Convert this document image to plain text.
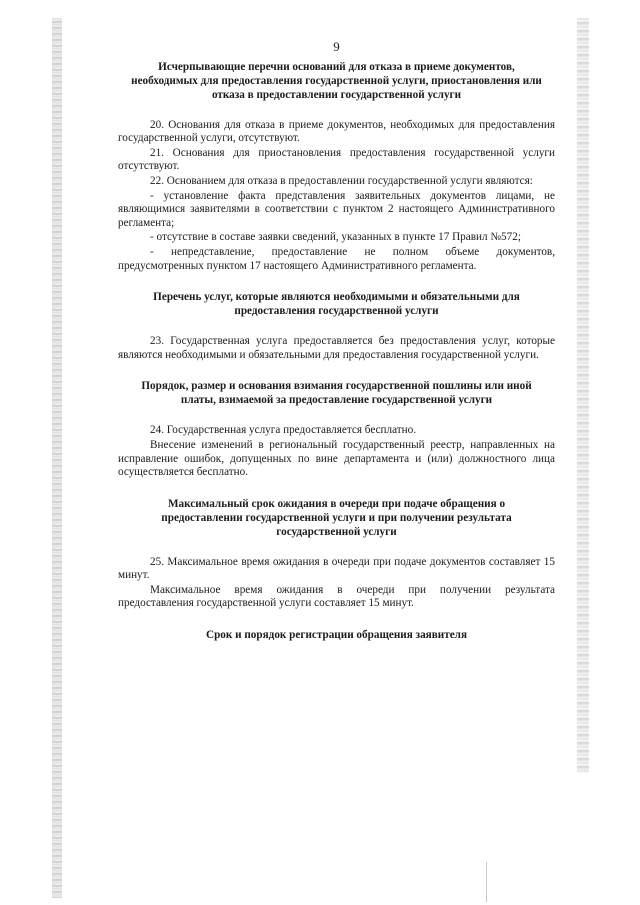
9
Исчерпывающие перечни оснований для отказа в приеме документов, необходимых для предоставления государственной услуги, приостановления или отказа в предоставлении государственной услуги

20. Основания для отказа в приеме документов, необходимых для предоставления государственной услуги, отсутствуют.

21. Основания для приостановления предоставления государственной услуги отсутствуют.

22. Основанием для отказа в предоставлении государственной услуги являются:

- установление факта представления заявительных документов лицами, не являющимися заявителями в соответствии с пунктом 2 настоящего Административного регламента;

- отсутствие в составе заявки сведений, указанных в пункте 17 Правил №572;

- непредставление, предоставление не полном объеме документов, предусмотренных пунктом 17 настоящего Административного регламента.

Перечень услуг, которые являются необходимыми и обязательными для предоставления государственной услуги

23. Государственная услуга предоставляется без предоставления услуг, которые являются необходимыми и обязательными для предоставления государственной услуги.

Порядок, размер и основания взимания государственной пошлины или иной платы, взимаемой за предоставление государственной услуги

24. Государственная услуга предоставляется бесплатно.

Внесение изменений в региональный государственный реестр, направленных на исправление ошибок, допущенных по вине департамента и (или) должностного лица осуществляется бесплатно.

Максимальный срок ожидания в очереди при подаче обращения о предоставлении государственной услуги и при получении результата государственной услуги

25. Максимальное время ожидания в очереди при подаче документов составляет 15 минут.

Максимальное время ожидания в очереди при получении результата предоставления государственной услуги составляет 15 минут.

Срок и порядок регистрации обращения заявителя
